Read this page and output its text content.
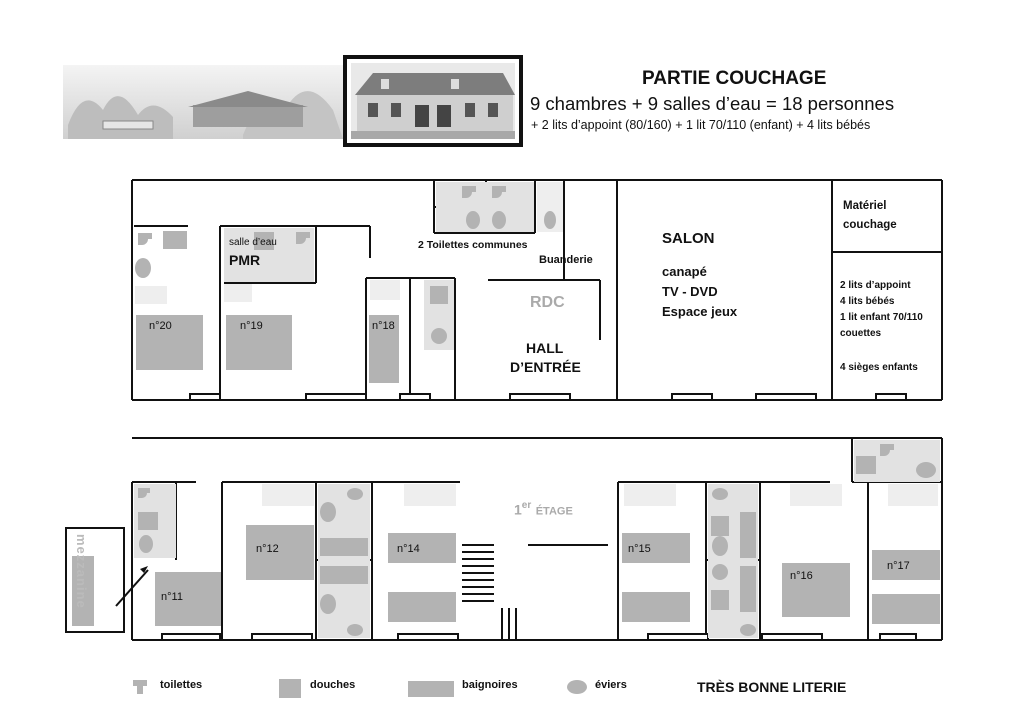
PARTIE COUCHAGE
9 chambres + 9 salles d’eau = 18 personnes
+ 2 lits d’appoint (80/160) + 1 lit 70/110 (enfant) + 4 lits bébés
n°20	n°19	n°18
salle d’eau
PMR
2 Toilettes communes
Buanderie
RDC
HALL
D’ENTRÉE
SALON
canapé
TV - DVD
Espace jeux
Matériel
couchage
2 lits d’appoint
4 lits bébés
1 lit enfant 70/110
couettes
4 sièges enfants
1er ÉTAGE
mezzanine	n°11
n°12	n°14	n°15
n°16
n°17
toilettes	douches	baignoires	éviers	TRÈS BONNE LITERIE
